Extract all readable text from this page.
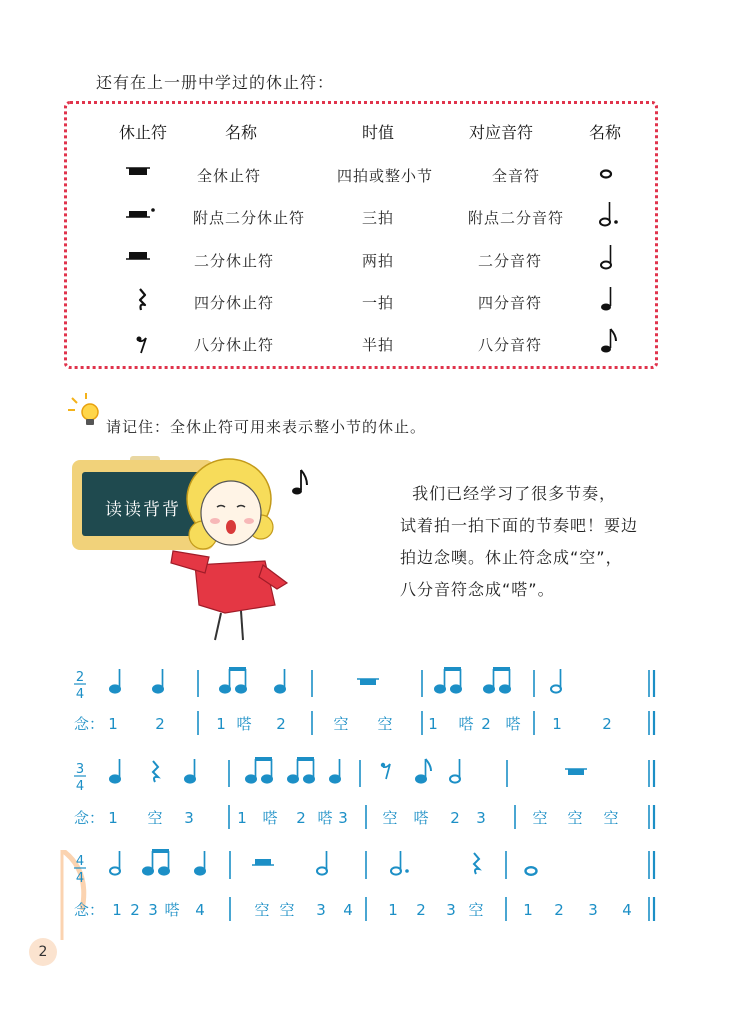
还有在上一册中学过的休止符：
休止符	名称	时值	对应音符	名称
全休止符	四拍或整小节	全音符
附点二分休止符	三拍	附点二分音符
二分休止符	两拍	二分音符
四分休止符	一拍	四分音符
八分休止符	半拍	八分音符
请记住：全休止符可用来表示整小节的休止。
读读背背
我们已经学习了很多节奏，
试着拍一拍下面的节奏吧！要边
拍边念噢。休止符念成“空”，
八分音符念成“嗒”。
2
4
3
4
4
4
念： 1 2	1 嗒 2	空 空 1 嗒 2 嗒 1	2
念： 1 空 3	1 嗒 2 嗒 3 空 嗒 2 3	空 空 空
念： 1 2 3 嗒 4	空 空 3 4 1 2 3 空	1 2 3 4
2
